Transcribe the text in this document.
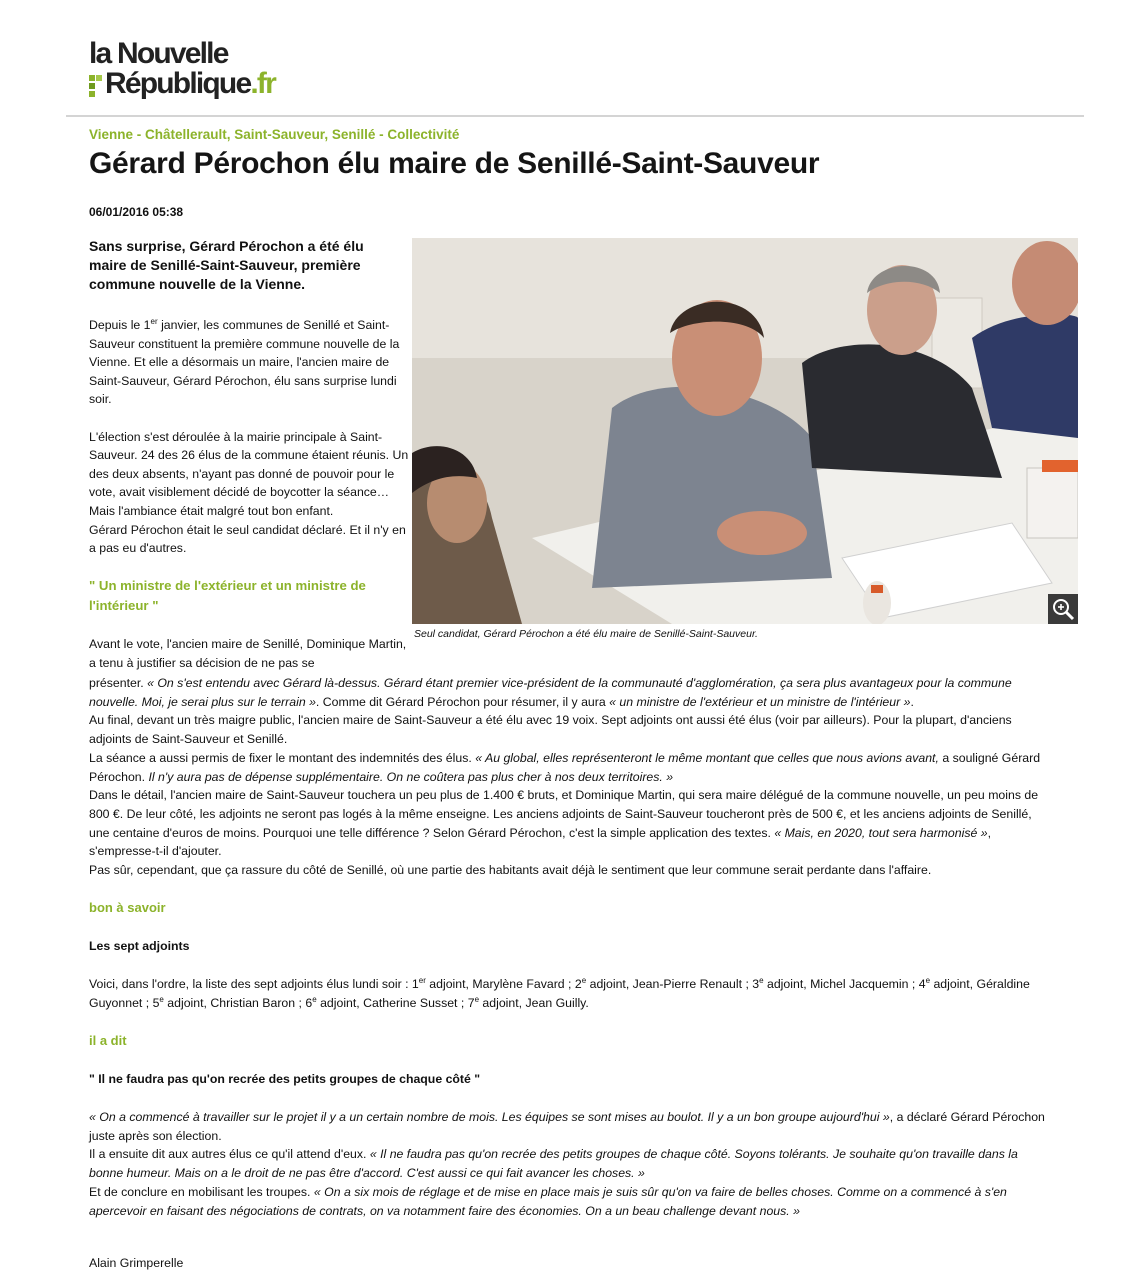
la Nouvelle
République.fr
Vienne - Châtellerault, Saint-Sauveur, Senillé - Collectivité
Gérard Pérochon élu maire de Senillé-Saint-Sauveur
06/01/2016 05:38

Sans surprise, Gérard Pérochon a été élu maire de Senillé-Saint-Sauveur, première commune nouvelle de la Vienne.

Depuis le 1er janvier, les communes de Senillé et Saint-Sauveur constituent la première commune nouvelle de la Vienne. Et elle a désormais un maire, l'ancien maire de Saint-Sauveur, Gérard Pérochon, élu sans surprise lundi soir.

L'élection s'est déroulée à la mairie principale à Saint-Sauveur. 24 des 26 élus de la commune étaient réunis. Un des deux absents, n'ayant pas donné de pouvoir pour le vote, avait visiblement décidé de boycotter la séance…

Mais l'ambiance était malgré tout bon enfant.

Gérard Pérochon était le seul candidat déclaré. Et il n'y en a pas eu d'autres.

" Un ministre de l'extérieur et un ministre de l'intérieur "

Avant le vote, l'ancien maire de Senillé, Dominique Martin, a tenu à justifier sa décision de ne pas se

Seul candidat, Gérard Pérochon a été élu maire de Senillé-Saint-Sauveur.

présenter. « On s'est entendu avec Gérard là-dessus. Gérard étant premier vice-président de la communauté d'agglomération, ça sera plus avantageux pour la commune nouvelle. Moi, je serai plus sur le terrain ». Comme dit Gérard Pérochon pour résumer, il y aura « un ministre de l'extérieur et un ministre de l'intérieur ».

Au final, devant un très maigre public, l'ancien maire de Saint-Sauveur a été élu avec 19 voix. Sept adjoints ont aussi été élus (voir par ailleurs). Pour la plupart, d'anciens adjoints de Saint-Sauveur et Senillé.

La séance a aussi permis de fixer le montant des indemnités des élus. « Au global, elles représenteront le même montant que celles que nous avions avant, a souligné Gérard Pérochon. Il n'y aura pas de dépense supplémentaire. On ne coûtera pas plus cher à nos deux territoires. »

Dans le détail, l'ancien maire de Saint-Sauveur touchera un peu plus de 1.400 € bruts, et Dominique Martin, qui sera maire délégué de la commune nouvelle, un peu moins de 800 €. De leur côté, les adjoints ne seront pas logés à la même enseigne. Les anciens adjoints de Saint-Sauveur toucheront près de 500 €, et les anciens adjoints de Senillé, une centaine d'euros de moins. Pourquoi une telle différence ? Selon Gérard Pérochon, c'est la simple application des textes. « Mais, en 2020, tout sera harmonisé », s'empresse-t-il d'ajouter.

Pas sûr, cependant, que ça rassure du côté de Senillé, où une partie des habitants avait déjà le sentiment que leur commune serait perdante dans l'affaire.

bon à savoir
Les sept adjoints

Voici, dans l'ordre, la liste des sept adjoints élus lundi soir : 1er adjoint, Marylène Favard ; 2e adjoint, Jean-Pierre Renault ; 3e adjoint, Michel Jacquemin ; 4e adjoint, Géraldine Guyonnet ; 5e adjoint, Christian Baron ; 6e adjoint, Catherine Susset ; 7e adjoint, Jean Guilly.

il a dit
" Il ne faudra pas qu'on recrée des petits groupes de chaque côté "

« On a commencé à travailler sur le projet il y a un certain nombre de mois. Les équipes se sont mises au boulot. Il y a un bon groupe aujourd'hui », a déclaré Gérard Pérochon juste après son élection.

Il a ensuite dit aux autres élus ce qu'il attend d'eux. « Il ne faudra pas qu'on recrée des petits groupes de chaque côté. Soyons tolérants. Je souhaite qu'on travaille dans la bonne humeur. Mais on a le droit de ne pas être d'accord. C'est aussi ce qui fait avancer les choses. »

Et de conclure en mobilisant les troupes. « On a six mois de réglage et de mise en place mais je suis sûr qu'on va faire de belles choses. Comme on a commencé à s'en apercevoir en faisant des négociations de contrats, on va notamment faire des économies. On a un beau challenge devant nous. »

Alain Grimperelle
